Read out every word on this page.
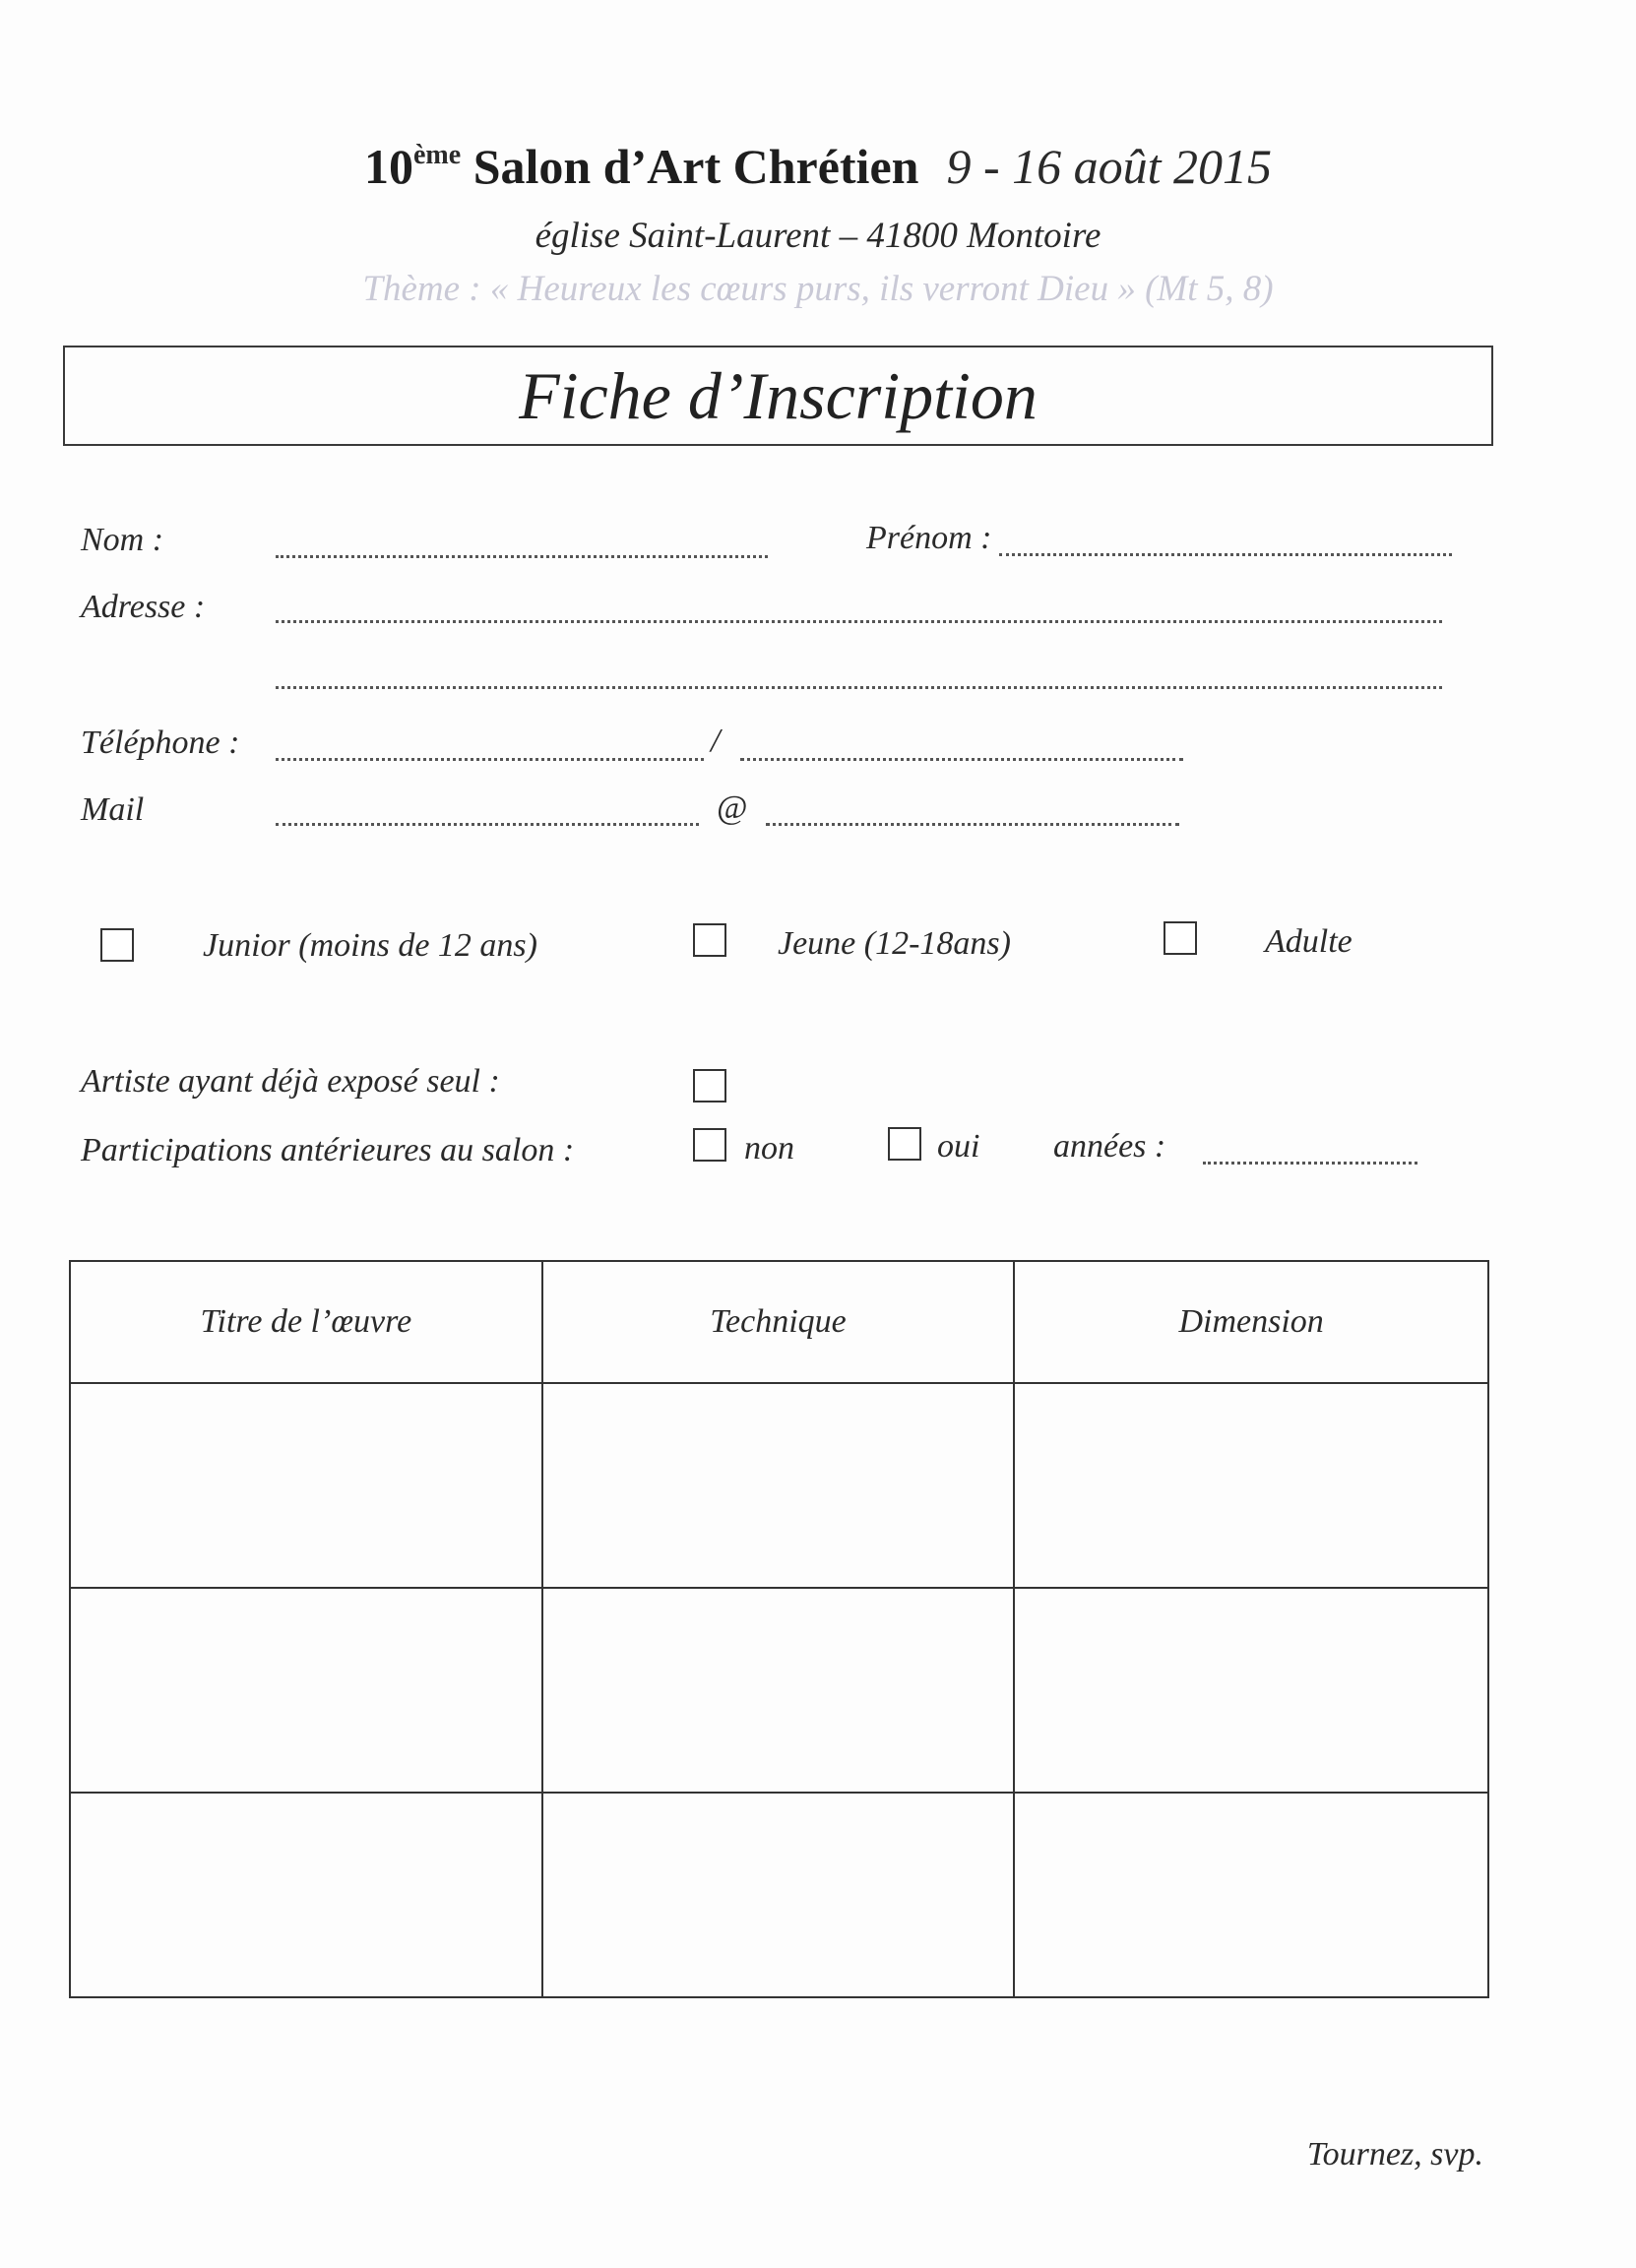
10ème Salon d’Art Chrétien 9 - 16 août 2015
église Saint-Laurent – 41800 Montoire
Thème : « Heureux les cœurs purs, ils verront Dieu » (Mt 5, 8)
Fiche d’Inscription
Nom :	Prénom :
Adresse :
Téléphone :	/
Mail	@
Junior (moins de 12 ans)	Jeune (12-18ans)	Adulte
Artiste ayant déjà exposé seul :
Participations antérieures au salon :	non	oui années :
Titre de l’œuvre	Technique	Dimension
Tournez, svp.
